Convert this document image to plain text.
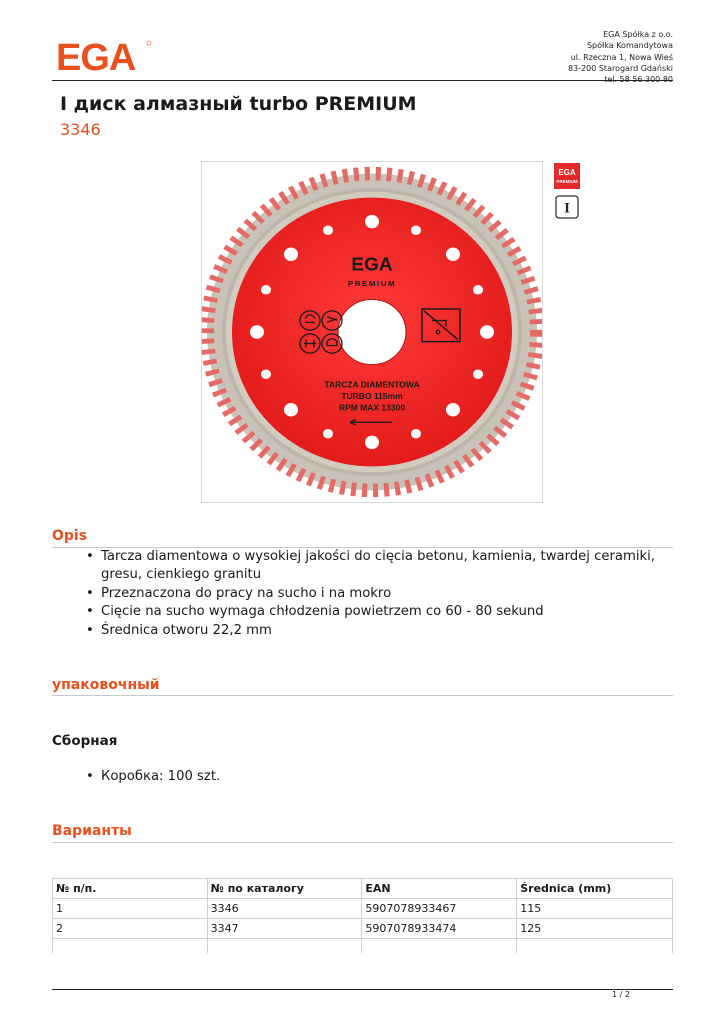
EGA
EGA Spółka z o.o.
Spółka Komandytowa
ul. Rzeczna 1, Nowa Wieś
83-200 Starogard Gdański
I диск алмазный turbo PREMIUM
3346
EGA
PREMIUM
TARCZA DIAMENTOWA
TURBO 115mm
RPM MAX 13300
EGA
PREMIUM
I
Opis
• Tarcza diamentowa o wysokiej jakości do cięcia betonu, kamienia, twardej ceramiki, gresu, cienkiego granitu
• Przeznaczona do pracy na sucho i na mokro
• Cięcie na sucho wymaga chłodzenia powietrzem co 60 - 80 sekund
• Średnica otworu 22,2 mm
упаковочный
Сборная
• Коробка: 100 szt.
Варианты
№ п/п.	№ по каталогу	EAN	Średnica (mm)
1	3346	5907078933467	115
2	3347	5907078933474	125

1 / 2
